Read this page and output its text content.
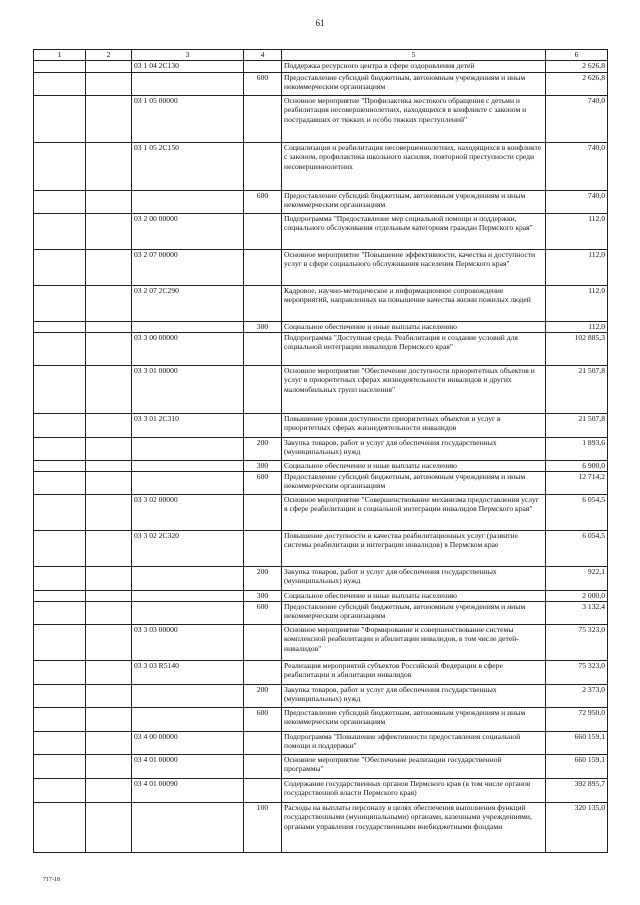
61
1	2	3	4	5	6
		03 1 04 2С130		Поддержка ресурсного центра в сфере оздоровления детей	2 626,8
			600	Предоставление субсидий бюджетным, автономным учреждениям и иным некоммерческим организациям	2 626,8
		03 1 05 00000		Основное мероприятие "Профилактика жестокого обращения с детьми и реабилитация несовершеннолетних, находящихся в конфликте с законом и пострадавших от тяжких и особо тяжких преступлений"	740,0
		03 1 05 2С150		Социализация и реабилитация несовершеннолетних, находящихся в конфликте с законом, профилактика школьного насилия, повторной преступности среди несовершеннолетних	740,0
			600	Предоставление субсидий бюджетным, автономным учреждениям и иным некоммерческим организациям	740,0
		03 2 00 00000		Подпрограмма "Предоставление мер социальной помощи и поддержки, социального обслуживания отдельным категориям граждан Пермского края"	112,0
		03 2 07 00000		Основное мероприятие "Повышение эффективности, качества и доступности услуг в сфере социального обслуживания населения Пермского края"	112,0
		03 2 07 2С290		Кадровое, научно-методическое и информационное сопровождение мероприятий, направленных на повышение качества жизни пожилых людей	112,0
			300	Социальное обеспечение и иные выплаты населению	112,0
		03 3 00 00000		Подпрограмма "Доступная среда. Реабилитация и создание условий для социальной интеграции инвалидов Пермского края"	102 885,3
		03 3 01 00000		Основное мероприятие "Обеспечение доступности приоритетных объектов и услуг в приоритетных сферах жизнедеятельности инвалидов и других маломобильных групп населения"	21 507,8
		03 3 01 2С310		Повышение уровня доступности приоритетных объектов и услуг в приоритетных сферах жизнедеятельности инвалидов	21 507,8
			200	Закупка товаров, работ и услуг для обеспечения государственных (муниципальных) нужд	1 893,6
			300	Социальное обеспечение и иные выплаты населению	6 900,0
			600	Предоставление субсидий бюджетным, автономным учреждениям и иным некоммерческим организациям	12 714,2
		03 3 02 00000		Основное мероприятие "Совершенствование механизма предоставления услуг в сфере реабилитации и социальной интеграции инвалидов Пермского края"	6 054,5
		03 3 02 2С320		Повышение доступности и качества реабилитационных услуг (развитие системы реабилитации и интеграции инвалидов) в Пермском крае	6 054,5
			200	Закупка товаров, работ и услуг для обеспечения государственных (муниципальных) нужд	922,1
			300	Социальное обеспечение и иные выплаты населению	2 000,0
			600	Предоставление субсидий бюджетным, автономным учреждениям и иным некоммерческим организациям	3 132,4
		03 3 03 00000		Основное мероприятие "Формирование и совершенствование системы комплексной реабилитации и абилитации инвалидов, в том числе детей-инвалидов"	75 323,0
		03 3 03 R5140		Реализация мероприятий субъектов Российской Федерации в сфере реабилитации и абилитации инвалидов	75 323,0
			200	Закупка товаров, работ и услуг для обеспечения государственных (муниципальных) нужд	2 373,0
			600	Предоставление субсидий бюджетным, автономным учреждениям и иным некоммерческим организациям	72 950,0
		03 4 00 00000		Подпрограмма "Повышение эффективности предоставления социальной помощи и поддержки"	660 159,1
		03 4 01 00000		Основное мероприятие "Обеспечение реализации государственной программы"	660 159,1
		03 4 01 00090		Содержание государственных органов Пермского края (в том числе органов государственной власти Пермского края)	392 895,7
			100	Расходы на выплаты персоналу в целях обеспечения выполнения функций государственными (муниципальными) органами, казенными учреждениями, органами управления государственными внебюджетными фондами	320 135,0
717-18
